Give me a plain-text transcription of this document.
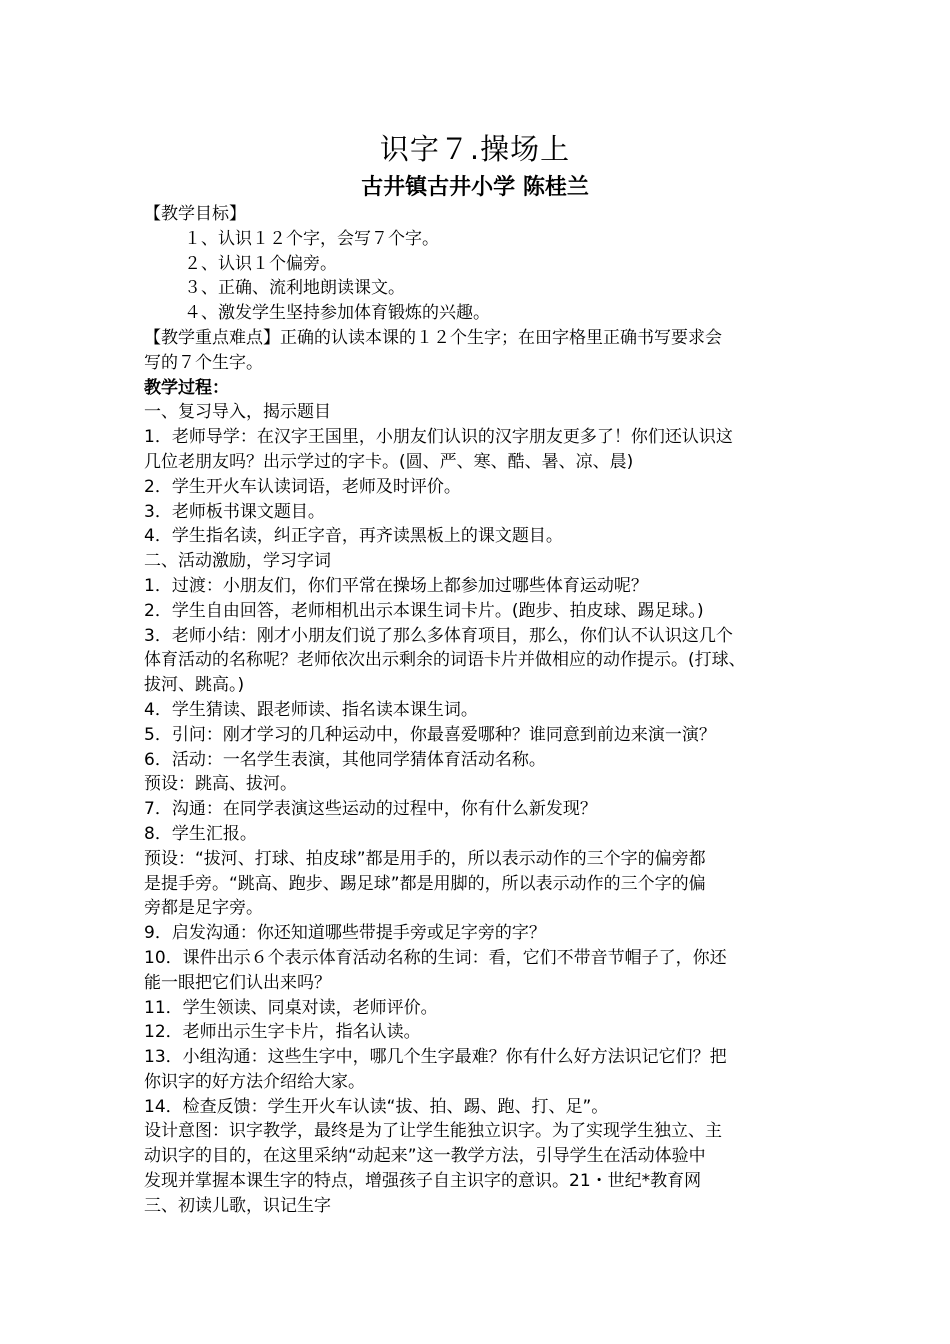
识字７.操场上
古井镇古井小学 陈桂兰
【教学目标】
１、认识１２个字，会写７个字。
２、认识１个偏旁。
３、正确、流利地朗读课文。
４、激发学生坚持参加体育锻炼的兴趣。
【教学重点难点】正确的认读本课的１２个生字；在田字格里正确书写要求会
写的７个生字。
教学过程：
一、复习导入，揭示题目
1．老师导学：在汉字王国里，小朋友们认识的汉字朋友更多了！你们还认识这
几位老朋友吗？出示学过的字卡。(圆、严、寒、酷、暑、凉、晨)
2．学生开火车认读词语，老师及时评价。
3．老师板书课文题目。
4．学生指名读，纠正字音，再齐读黑板上的课文题目。
二、活动激励，学习字词
1．过渡：小朋友们，你们平常在操场上都参加过哪些体育运动呢？
2．学生自由回答，老师相机出示本课生词卡片。(跑步、拍皮球、踢足球。)
3．老师小结：刚才小朋友们说了那么多体育项目，那么，你们认不认识这几个
体育活动的名称呢？老师依次出示剩余的词语卡片并做相应的动作提示。(打球、
拔河、跳高。)
4．学生猜读、跟老师读、指名读本课生词。
5．引问：刚才学习的几种运动中，你最喜爱哪种？谁同意到前边来演一演？
6．活动：一名学生表演，其他同学猜体育活动名称。
预设：跳高、拔河。
7．沟通：在同学表演这些运动的过程中，你有什么新发现？
8．学生汇报。
预设：“拔河、打球、拍皮球”都是用手的，所以表示动作的三个字的偏旁都
是提手旁。“跳高、跑步、踢足球”都是用脚的，所以表示动作的三个字的偏
旁都是足字旁。
9．启发沟通：你还知道哪些带提手旁或足字旁的字？
10．课件出示６个表示体育活动名称的生词：看，它们不带音节帽子了，你还
能一眼把它们认出来吗？
11．学生领读、同桌对读，老师评价。
12．老师出示生字卡片，指名认读。
13．小组沟通：这些生字中，哪几个生字最难？你有什么好方法识记它们？把
你识字的好方法介绍给大家。
14．检查反馈：学生开火车认读“拔、拍、踢、跑、打、足”。
设计意图：识字教学，最终是为了让学生能独立识字。为了实现学生独立、主
动识字的目的，在这里采纳“动起来”这一教学方法，引导学生在活动体验中
发现并掌握本课生字的特点，增强孩子自主识字的意识。21・世纪*教育网
三、初读儿歌，识记生字
